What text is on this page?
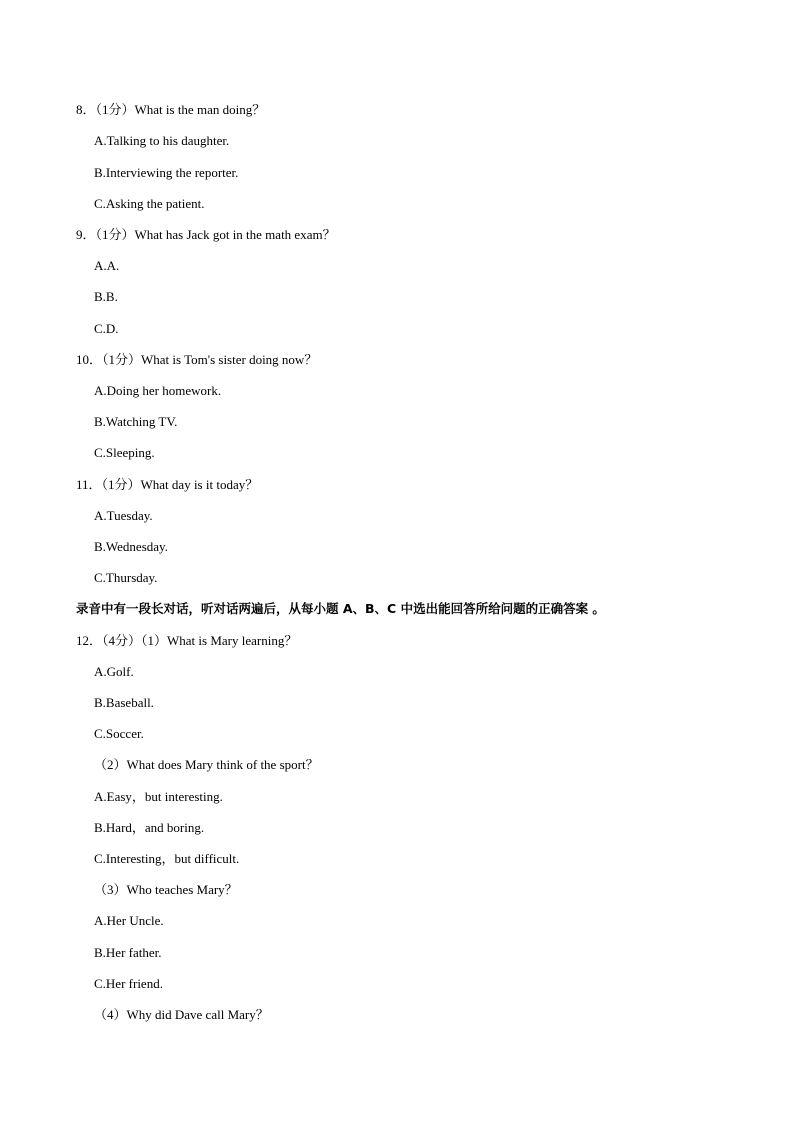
8．（1分）What is the man doing？
A.Talking to his daughter.
B.Interviewing the reporter.
C.Asking the patient.
9．（1分）What has Jack got in the math exam？
A.A.
B.B.
C.D.
10．（1分）What is Tom's sister doing now？
A.Doing her homework.
B.Watching TV.
C.Sleeping.
11．（1分）What day is it today？
A.Tuesday.
B.Wednesday.
C.Thursday.
录音中有一段长对话，听对话两遍后，从每小题 A、B、C 中选出能回答所给问题的正确答案 。
12．（4分）（1）What is Mary learning？
A.Golf.
B.Baseball.
C.Soccer.
（2）What does Mary think of the sport？
A.Easy，but interesting.
B.Hard，and boring.
C.Interesting，but difficult.
（3）Who teaches Mary？
A.Her Uncle.
B.Her father.
C.Her friend.
（4）Why did Dave call Mary？
